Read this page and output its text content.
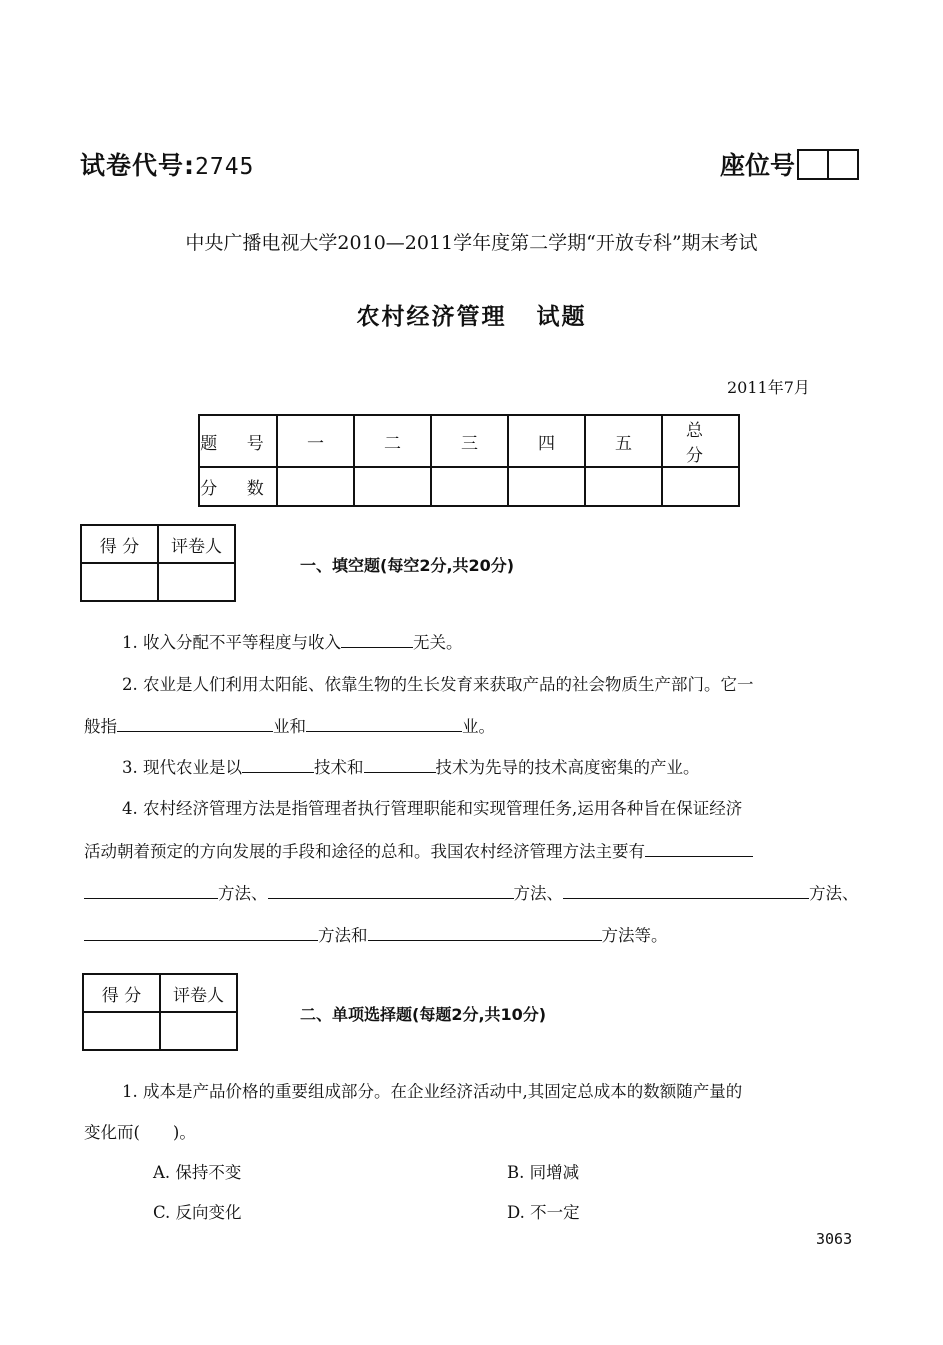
试卷代号:2745	座位号
中央广播电视大学2010—2011学年度第二学期“开放专科”期末考试
农村经济管理 试题
2011年7月
题 号	一	二	三	四	五	总 分
分 数						
得 分	评卷人

一、填空题(每空2分,共20分)
1. 收入分配不平等程度与收入	无关。
2. 农业是人们利用太阳能、依靠生物的生长发育来获取产品的社会物质生产部门。它一
般指	业和	业。
3. 现代农业是以	技术和	技术为先导的技术高度密集的产业。
4. 农村经济管理方法是指管理者执行管理职能和实现管理任务,运用各种旨在保证经济
活动朝着预定的方向发展的手段和途径的总和。我国农村经济管理方法主要有
方法、	方法、	方法、
方法和	方法等。
得 分	评卷人

二、单项选择题(每题2分,共10分)
1. 成本是产品价格的重要组成部分。在企业经济活动中,其固定总成本的数额随产量的
变化而(　　)。
A. 保持不变	B. 同增减
C. 反向变化	D. 不一定
3063
